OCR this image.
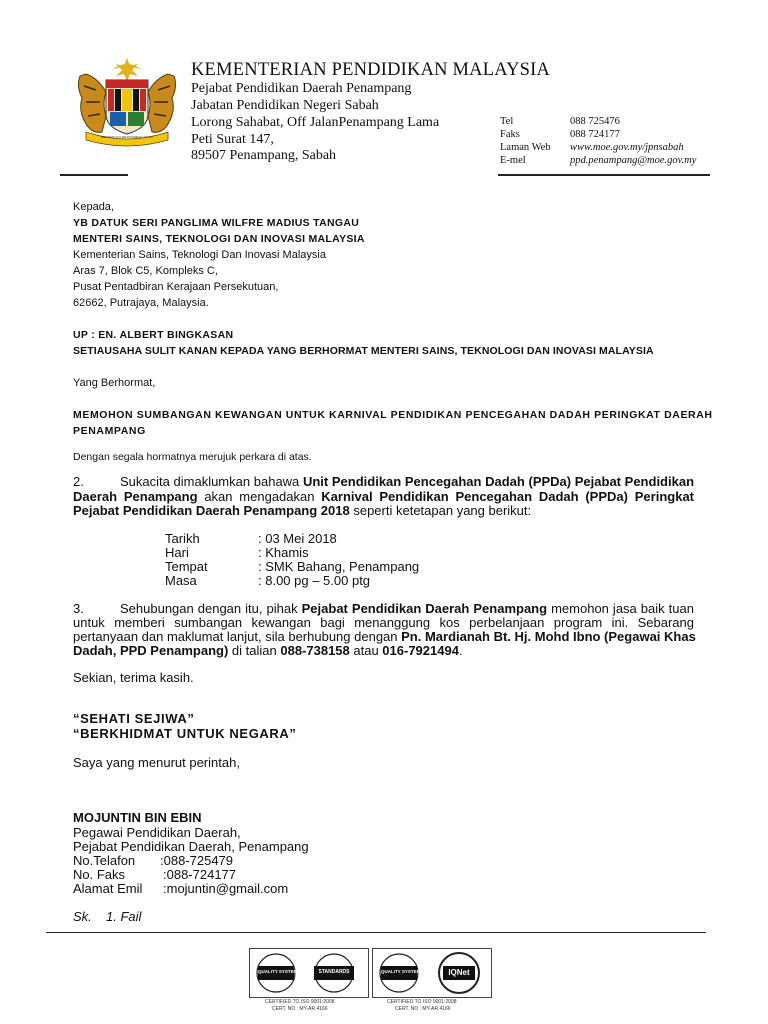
BERSEKUTU BERTAMBAH MUTU
KEMENTERIAN PENDIDIKAN MALAYSIA
Pejabat Pendidikan Daerah Penampang
Jabatan Pendidikan Negeri Sabah
Lorong Sahabat, Off JalanPenampang Lama
Peti Surat 147,
89507 Penampang, Sabah
Tel	088 725476
Faks	088 724177
Laman Web www.moe.gov.my/jpnsabah
E-mel	ppd.penampang@moe.gov.my
Kepada,
YB DATUK SERI PANGLIMA WILFRE MADIUS TANGAU
MENTERI SAINS, TEKNOLOGI DAN INOVASI MALAYSIA
Kementerian Sains, Teknologi Dan Inovasi Malaysia
Aras 7, Blok C5, Kompleks C,
Pusat Pentadbiran Kerajaan Persekutuan,
62662, Putrajaya, Malaysia.
UP : EN. ALBERT BINGKASAN
SETIAUSAHA SULIT KANAN KEPADA YANG BERHORMAT MENTERI SAINS, TEKNOLOGI DAN INOVASI MALAYSIA
Yang Berhormat,
MEMOHON SUMBANGAN KEWANGAN UNTUK KARNIVAL PENDIDIKAN PENCEGAHAN DADAH PERINGKAT DAERAH
PENAMPANG
Dengan segala hormatnya merujuk perkara di atas.
2.	Sukacita dimaklumkan bahawa Unit Pendidikan Pencegahan Dadah (PPDa) Pejabat Pendidikan
Daerah Penampang akan mengadakan Karnival Pendidikan Pencegahan Dadah (PPDa) Peringkat
Pejabat Pendidikan Daerah Penampang 2018 seperti ketetapan yang berikut:
Tarikh	: 03 Mei 2018
Hari	: Khamis
Tempat	: SMK Bahang, Penampang
Masa	: 8.00 pg – 5.00 ptg
3.	Sehubungan dengan itu, pihak Pejabat Pendidikan Daerah Penampang memohon jasa baik tuan
untuk memberi sumbangan kewangan bagi menanggung kos perbelanjaan program ini. Sebarang
pertanyaan dan maklumat lanjut, sila berhubung dengan Pn. Mardianah Bt. Hj. Mohd Ibno (Pegawai Khas
Dadah, PPD Penampang) di talian 088-738158 atau 016-7921494.
Sekian, terima kasih.
“SEHATI SEJIWA”
“BERKHIDMAT UNTUK NEGARA”
Saya yang menurut perintah,
MOJUNTIN BIN EBIN
Pegawai Pendidikan Daerah,
Pejabat Pendidikan Daerah, Penampang
No.Telafon :088-725479
No. Faks	:088-724177
Alamat Emil :mojuntin@gmail.com
Sk. 1. Fail
QUALITY SYSTEM	STANDARDS
CERTIFIED TO ISO 9001:2008
CERT. NO : MY-AR 4166
QUALITY SYSTEM	IQNet
CERTIFIED TO ISO 9001:2008
CERT. NO : MY-AR 4166
